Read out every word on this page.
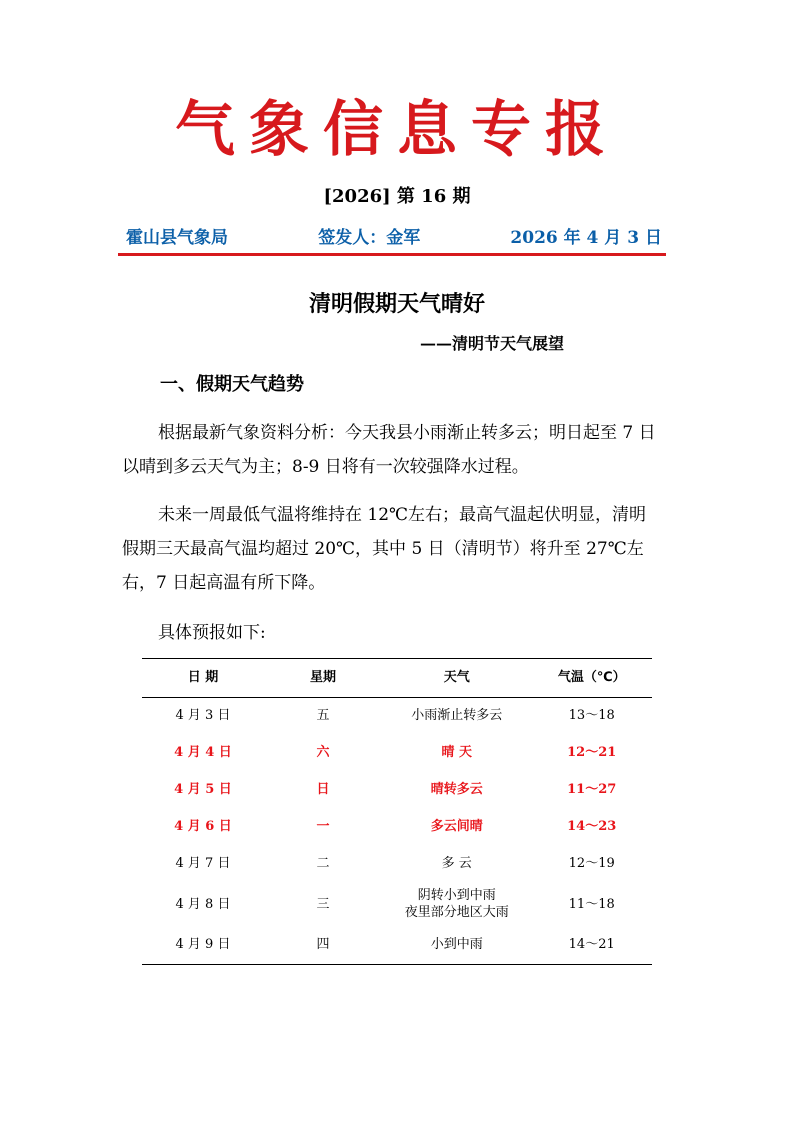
气象信息专报
[2026] 第 16 期
霍山县气象局	签发人：金军	2026 年 4 月 3 日
清明假期天气晴好
——清明节天气展望
一、假期天气趋势

根据最新气象资料分析：今天我县小雨渐止转多云；明日起至 7 日以晴到多云天气为主；8-9 日将有一次较强降水过程。

未来一周最低气温将维持在 12℃左右；最高气温起伏明显，清明假期三天最高气温均超过 20℃，其中 5 日（清明节）将升至 27℃左右，7 日起高温有所下降。

具体预报如下:

日 期	星期	天气	气温（℃）
4 月 3 日	五	小雨渐止转多云	13～18
4 月 4 日	六	晴 天	12～21
4 月 5 日	日	晴转多云	11～27
4 月 6 日	一	多云间晴	14～23
4 月 7 日	二	多 云	12～19
4 月 8 日	三	阴转小到中雨
夜里部分地区大雨	11～18
4 月 9 日	四	小到中雨	14～21
